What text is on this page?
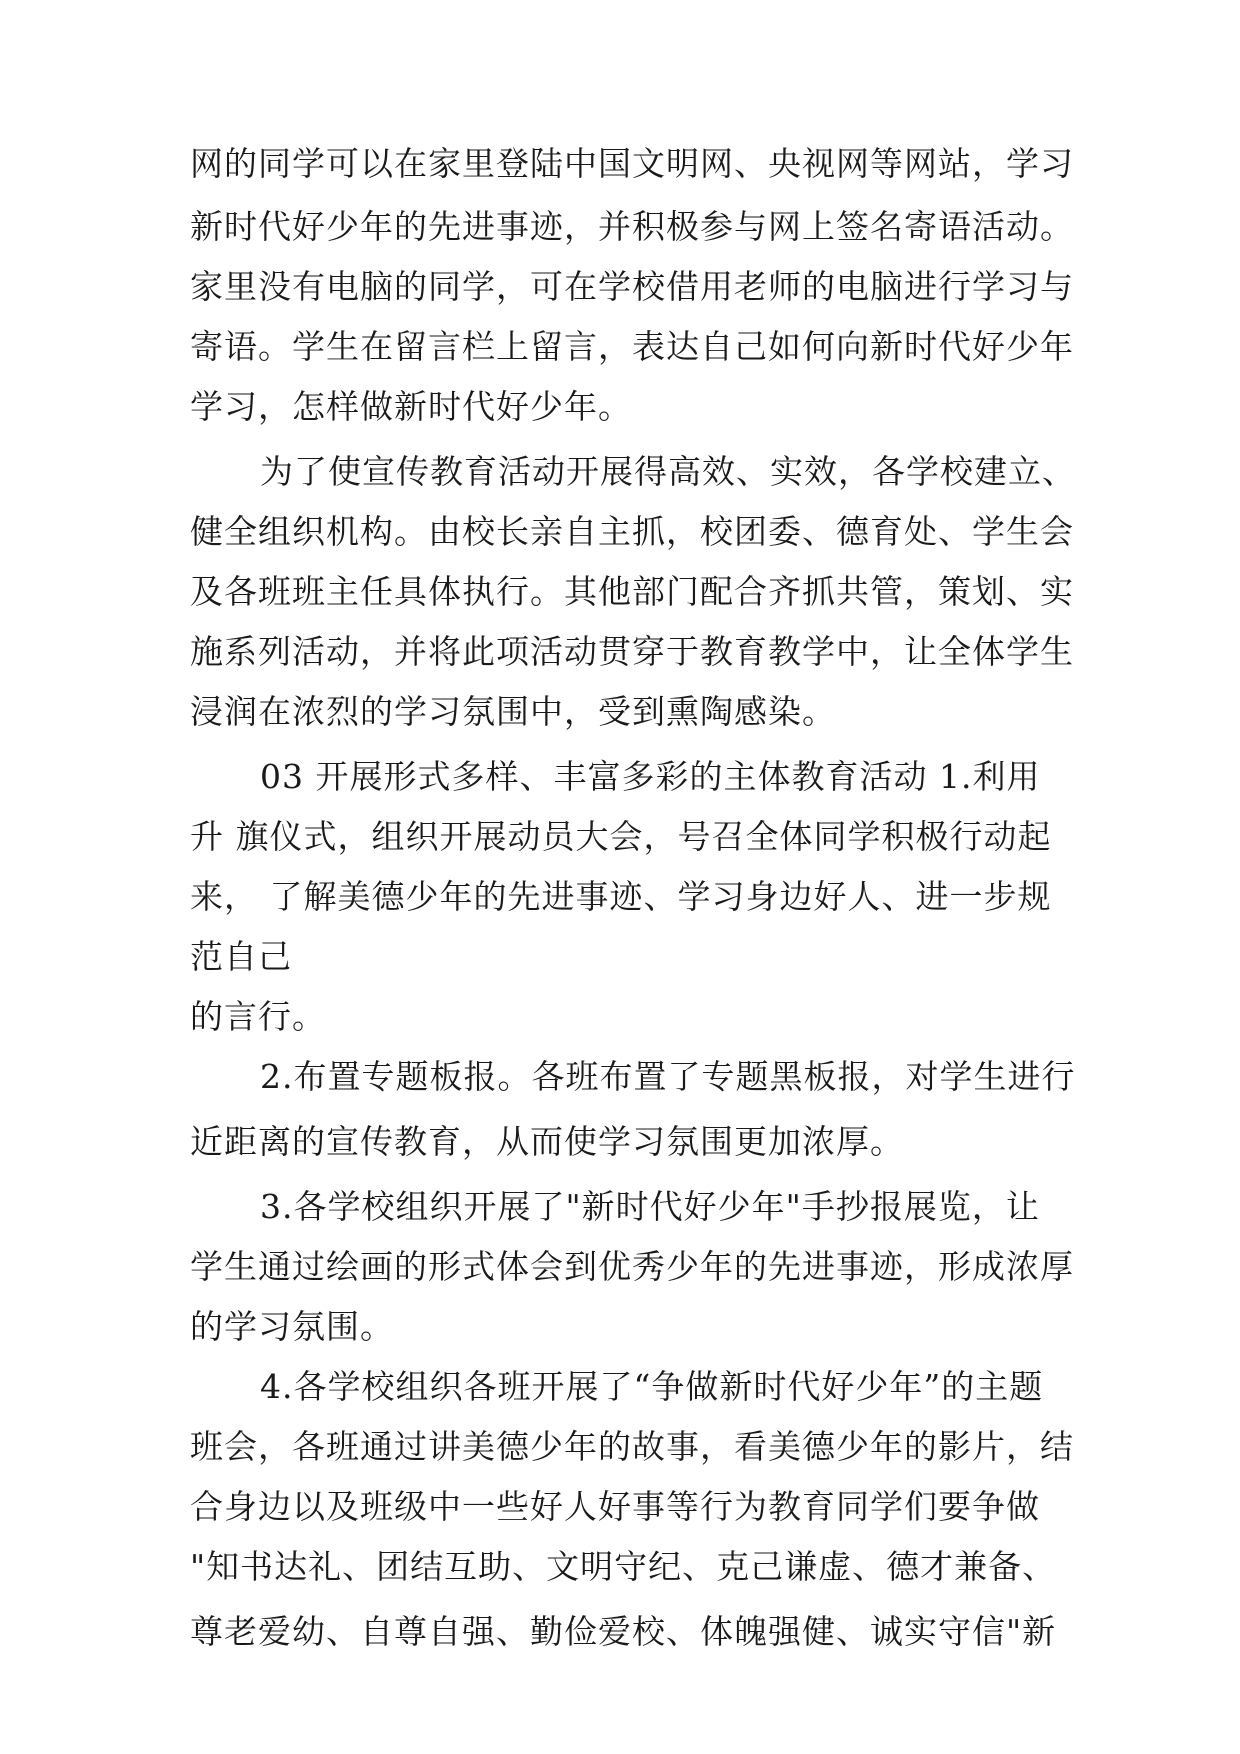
网的同学可以在家里登陆中国文明网、央视网等网站，学习
新时代好少年的先进事迹，并积极参与网上签名寄语活动。
家里没有电脑的同学，可在学校借用老师的电脑进行学习与
寄语。学生在留言栏上留言，表达自己如何向新时代好少年
学习，怎样做新时代好少年。
为了使宣传教育活动开展得高效、实效，各学校建立、
健全组织机构。由校长亲自主抓，校团委、德育处、学生会
及各班班主任具体执行。其他部门配合齐抓共管，策划、实
施系列活动，并将此项活动贯穿于教育教学中，让全体学生
浸润在浓烈的学习氛围中，受到熏陶感染。
03 开展形式多样、丰富多彩的主体教育活动 1.利用
升 旗仪式，组织开展动员大会，号召全体同学积极行动起
来， 了解美德少年的先进事迹、学习身边好人、进一步规
范自己
的言行。
2.布置专题板报。各班布置了专题黑板报，对学生进行
近距离的宣传教育，从而使学习氛围更加浓厚。
3.各学校组织开展了"新时代好少年"手抄报展览，让
学生通过绘画的形式体会到优秀少年的先进事迹，形成浓厚
的学习氛围。
4.各学校组织各班开展了“争做新时代好少年”的主题
班会，各班通过讲美德少年的故事，看美德少年的影片，结
合身边以及班级中一些好人好事等行为教育同学们要争做
"知书达礼、团结互助、文明守纪、克己谦虚、德才兼备、
尊老爱幼、自尊自强、勤俭爱校、体魄强健、诚实守信"新
